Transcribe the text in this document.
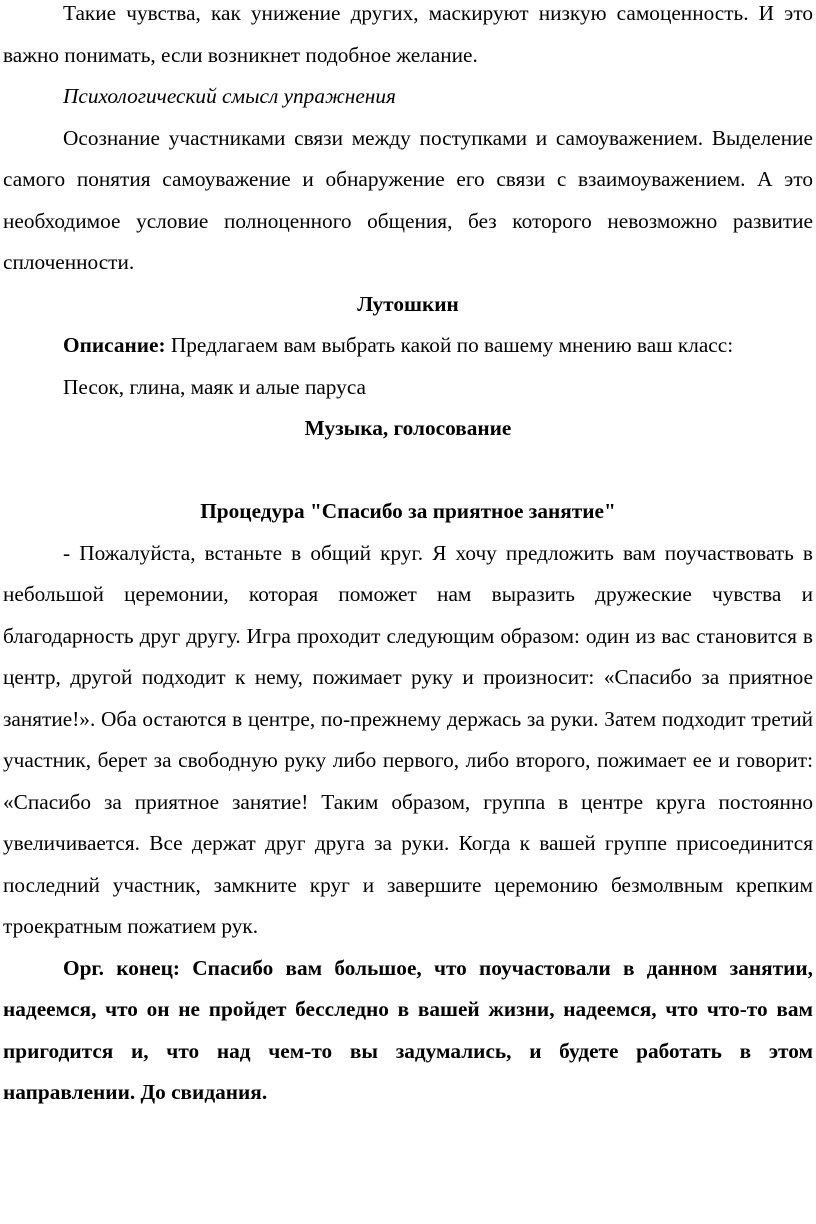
Такие чувства, как унижение других, маскируют низкую самоценность. И это важно понимать, если возникнет подобное желание.

Психологический смысл упражнения

Осознание участниками связи между поступками и самоуважением. Выделение самого понятия самоуважение и обнаружение его связи с взаимоуважением. А это необходимое условие полноценного общения, без которого невозможно развитие сплоченности.

Лутошкин

Описание: Предлагаем вам выбрать какой по вашему мнению ваш класс:

Песок, глина, маяк и алые паруса

Музыка, голосование

Процедура "Спасибо за приятное занятие"

- Пожалуйста, встаньте в общий круг. Я хочу предложить вам поучаствовать в небольшой церемонии, которая поможет нам выразить дружеские чувства и благодарность друг другу. Игра проходит следующим образом: один из вас становится в центр, другой подходит к нему, пожимает руку и произносит: «Спасибо за приятное занятие!». Оба остаются в центре, по-прежнему держась за руки. Затем подходит третий участник, берет за свободную руку либо первого, либо второго, пожимает ее и говорит: «Спасибо за приятное занятие! Таким образом, группа в центре круга постоянно увеличивается. Все держат друг друга за руки. Когда к вашей группе присоединится последний участник, замкните круг и завершите церемонию безмолвным крепким троекратным пожатием рук.

Орг. конец: Спасибо вам большое, что поучастовали в данном занятии, надеемся, что он не пройдет бесследно в вашей жизни, надеемся, что что-то вам пригодится и, что над чем-то вы задумались, и будете работать в этом направлении. До свидания.
